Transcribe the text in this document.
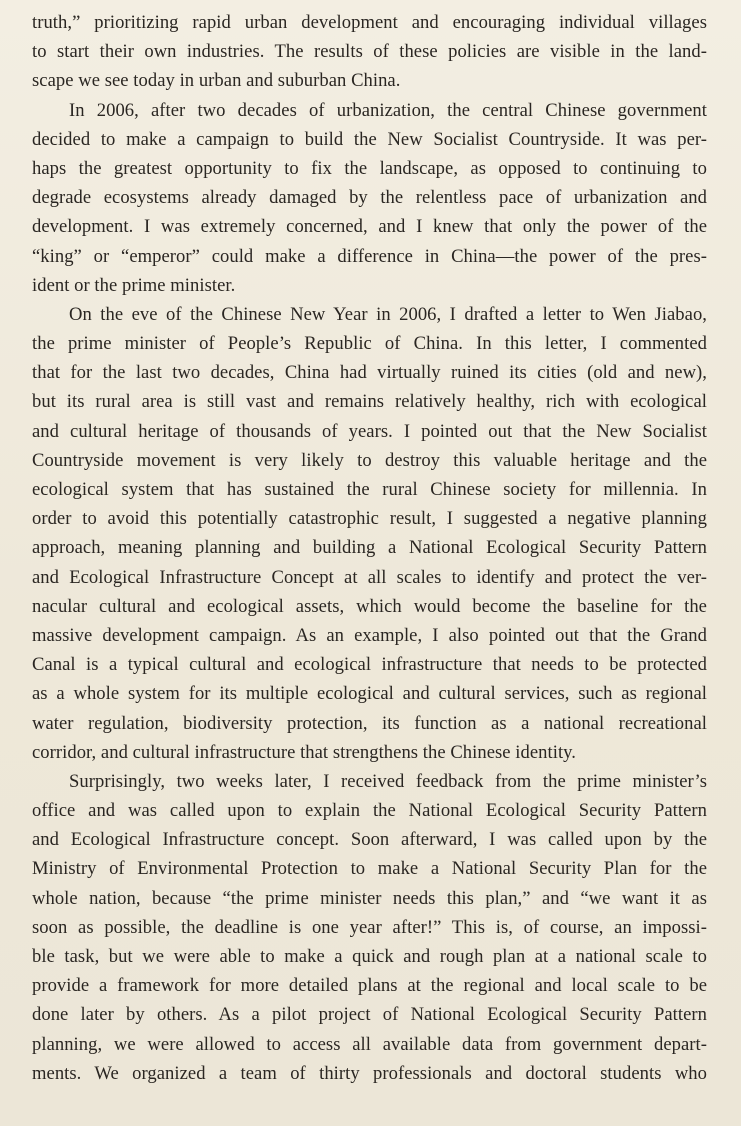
truth,” prioritizing rapid urban development and encouraging individual villages
to start their own industries. The results of these policies are visible in the land-
scape we see today in urban and suburban China.
In 2006, after two decades of urbanization, the central Chinese government
decided to make a campaign to build the New Socialist Countryside. It was per-
haps the greatest opportunity to fix the landscape, as opposed to continuing to
degrade ecosystems already damaged by the relentless pace of urbanization and
development. I was extremely concerned, and I knew that only the power of the
“king” or “emperor” could make a difference in China—the power of the pres-
ident or the prime minister.
On the eve of the Chinese New Year in 2006, I drafted a letter to Wen Jiabao,
the prime minister of People’s Republic of China. In this letter, I commented
that for the last two decades, China had virtually ruined its cities (old and new),
but its rural area is still vast and remains relatively healthy, rich with ecological
and cultural heritage of thousands of years. I pointed out that the New Socialist
Countryside movement is very likely to destroy this valuable heritage and the
ecological system that has sustained the rural Chinese society for millennia. In
order to avoid this potentially catastrophic result, I suggested a negative planning
approach, meaning planning and building a National Ecological Security Pattern
and Ecological Infrastructure Concept at all scales to identify and protect the ver-
nacular cultural and ecological assets, which would become the baseline for the
massive development campaign. As an example, I also pointed out that the Grand
Canal is a typical cultural and ecological infrastructure that needs to be protected
as a whole system for its multiple ecological and cultural services, such as regional
water regulation, biodiversity protection, its function as a national recreational
corridor, and cultural infrastructure that strengthens the Chinese identity.
Surprisingly, two weeks later, I received feedback from the prime minister’s
office and was called upon to explain the National Ecological Security Pattern
and Ecological Infrastructure concept. Soon afterward, I was called upon by the
Ministry of Environmental Protection to make a National Security Plan for the
whole nation, because “the prime minister needs this plan,” and “we want it as
soon as possible, the deadline is one year after!” This is, of course, an impossi-
ble task, but we were able to make a quick and rough plan at a national scale to
provide a framework for more detailed plans at the regional and local scale to be
done later by others. As a pilot project of National Ecological Security Pattern
planning, we were allowed to access all available data from government depart-
ments. We organized a team of thirty professionals and doctoral students who
